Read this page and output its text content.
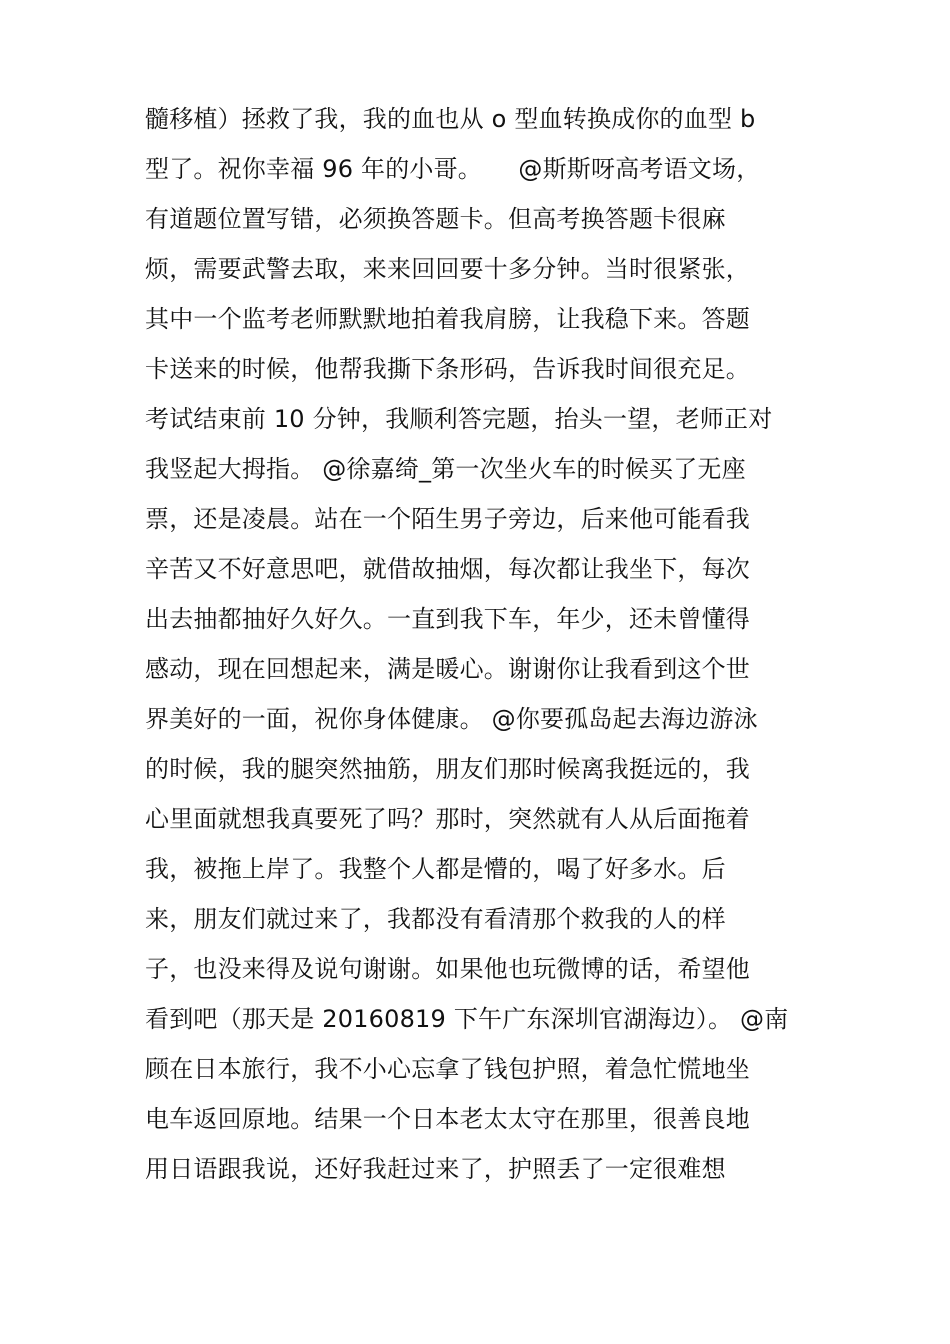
髓移植）拯救了我，我的血也从 o 型血转换成你的血型 b
型了。祝你幸福 96 年的小哥。　　@斯斯呀高考语文场，
有道题位置写错，必须换答题卡。但高考换答题卡很麻
烦，需要武警去取，来来回回要十多分钟。当时很紧张，
其中一个监考老师默默地拍着我肩膀，让我稳下来。答题
卡送来的时候，他帮我撕下条形码，告诉我时间很充足。
考试结束前 10 分钟，我顺利答完题，抬头一望，老师正对
我竖起大拇指。 @徐嘉绮_第一次坐火车的时候买了无座
票，还是凌晨。站在一个陌生男子旁边，后来他可能看我
辛苦又不好意思吧，就借故抽烟，每次都让我坐下，每次
出去抽都抽好久好久。一直到我下车，年少，还未曾懂得
感动，现在回想起来，满是暖心。谢谢你让我看到这个世
界美好的一面，祝你身体健康。 @你要孤岛起去海边游泳
的时候，我的腿突然抽筋，朋友们那时候离我挺远的，我
心里面就想我真要死了吗？那时，突然就有人从后面拖着
我，被拖上岸了。我整个人都是懵的，喝了好多水。后
来，朋友们就过来了，我都没有看清那个救我的人的样
子，也没来得及说句谢谢。如果他也玩微博的话，希望他
看到吧（那天是 20160819 下午广东深圳官湖海边）。 @南
顾在日本旅行，我不小心忘拿了钱包护照，着急忙慌地坐
电车返回原地。结果一个日本老太太守在那里，很善良地
用日语跟我说，还好我赶过来了，护照丢了一定很难想
